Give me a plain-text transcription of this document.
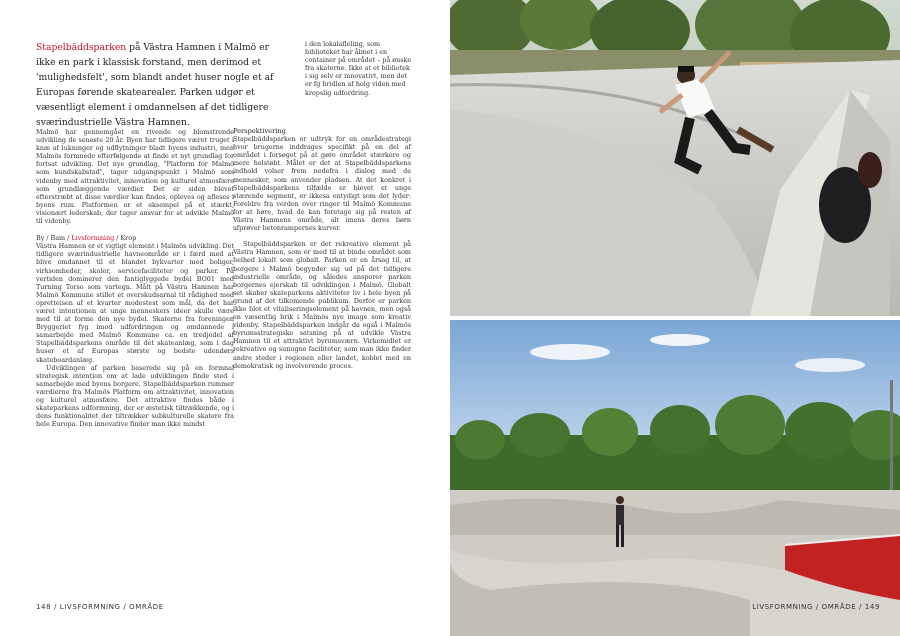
Stapelbäddsparken på Västra Hamnen i Malmö er ikke en park i klassisk forstand, men derimod et 'mulighedsfelt', som blandt andet huser nogle et af Europas førende skatearealer. Parken udgør et væsentligt element i omdannelsen af det tidligere sværindustrielle Västra Hamnen.
i den lokalafleling, som biblioteket har åbnet i en container på området – på ønske fra skaterne. Ikke at et bibliotek i sig selv er innovativt, men det er fg bridlen af holg viden med kropslig udfordring.

Malmö har gennemgået en rivende og blomstrende udvikling de seneste 20 år. Byen har tidligere været truget i knæ af lukninger og udflytninger bladt byens industri, men Malmös formnede efterfølgende at finde et nyt grundlag for fortsat udvikling. Det nye grundlag, "Platform for Malmö som kundskabstad", tager udgangspunkt i Malmö som videnby med attraktivitet, innovation og kulturel atmosfære som grundlæggende værdier. Det er siden blevet efterstræbt at disse værdier kan findes, opleves og afleses i byens rum. Platformen er et eksempel på et stærkt, visionært lederskab, der tager ansvar for at udvikle Malmö til videnby.

By / Bam / Livsformning / Krop

Västra Hamnen er et vigtigt element i Malmös udvikling. Det tidligere sværindustrielle havneområde er i færd med at blive omdannet til et blandet bykvarter med boliger, virksomheder, skoler, servicefaciliteter og parker. På vertiden dominerer den fantiglyggede bydel BO01 med Turning Torso som vartegn. Målt på Västra Hamnen har Malmö Kommune stillet et overskudsarnal til rådighed med opretteisen af et kvarter modestest som mål, da det har været intentionen at unge menneskers ideer skulle være med til at forme den nye bydel. Skaterne fra foreningen Bryggeriet fyg imod udfordringen og omdannede i samarbejde med Malmö Kommune ca. en tredjedel af Stapelbäddsparkens område til det skateanlæg, som i dag huser et af Europas største og bedste udendørs skateboardanlæg.

Udviklingen af parken baserede sig på en formnal strategisk intention om at lade udviklingen finde sted i samarbejde med byens borgere. Stapelbäddsparken rummer værdierne fra Malmös Platform om attraktivitet, innovation og kulturel atmosfære. Det attraktive findes både i skateparkens udformning, der er æstetisk tiltrækkende, og i dens funktionalitet der tiltrækker subkulturelle skatere fra hele Europa. Den innovative finder man ikke mindst

Perspektivering

Stapelbäddsparken er udtryk for en områdestrategi hvor brugerne inddrages specifikt på en del af området i forsøget på at gøre området stærkere og mere helstøbt. Målet er det at Stapelbäddsparkens indhold volser frem nedefra i dialog med de mennesker, som anvender pladsen. At det konkret i Stapelbäddsparkens tilfælde er blevet et unge stærende segment, er ikkesa entydigt som det lyder: Foreldre fra verden over ringer til Malmö Kommune for at høre, hvad de kan foretage sig på resten af Västra Hamnens område, alt imens deres børn afprøver betonrampernes kurver.

Stapelbäddsparken er det rekreative element på Västra Hamnen, som er med til at binde området som helhed lokalt som globalt. Parken er en årsag til, at borgere i Malmö begynder sig ud på det tidligere industrielle område, og således ansporer parken borgernes ejerskab til udviklingen i Malmö. Globalt set skaber skateparkens aktiviteter liv i hele byen på grund af det tilkomende publikum. Derfor er parken ikke blot et vitaliseringselement på havnen, men også en væsentlig brik i Malmös nye image som kreativ videnby. Stapelbäddsparken indgår da også i Malmös byrumsstrategiske satsning på at udvikle Västra Hamnen til et attraktivt byrumsværn. Virkemidlet er rekreative og sunugne faciliteter, som man ikke finder andre steder i regionen eller landet, koblet med en demokratisk og involverende proces.

148 / LIVSFORMNING / OMRÅDE	LIVSFORMNING / OMRÅDE / 149
